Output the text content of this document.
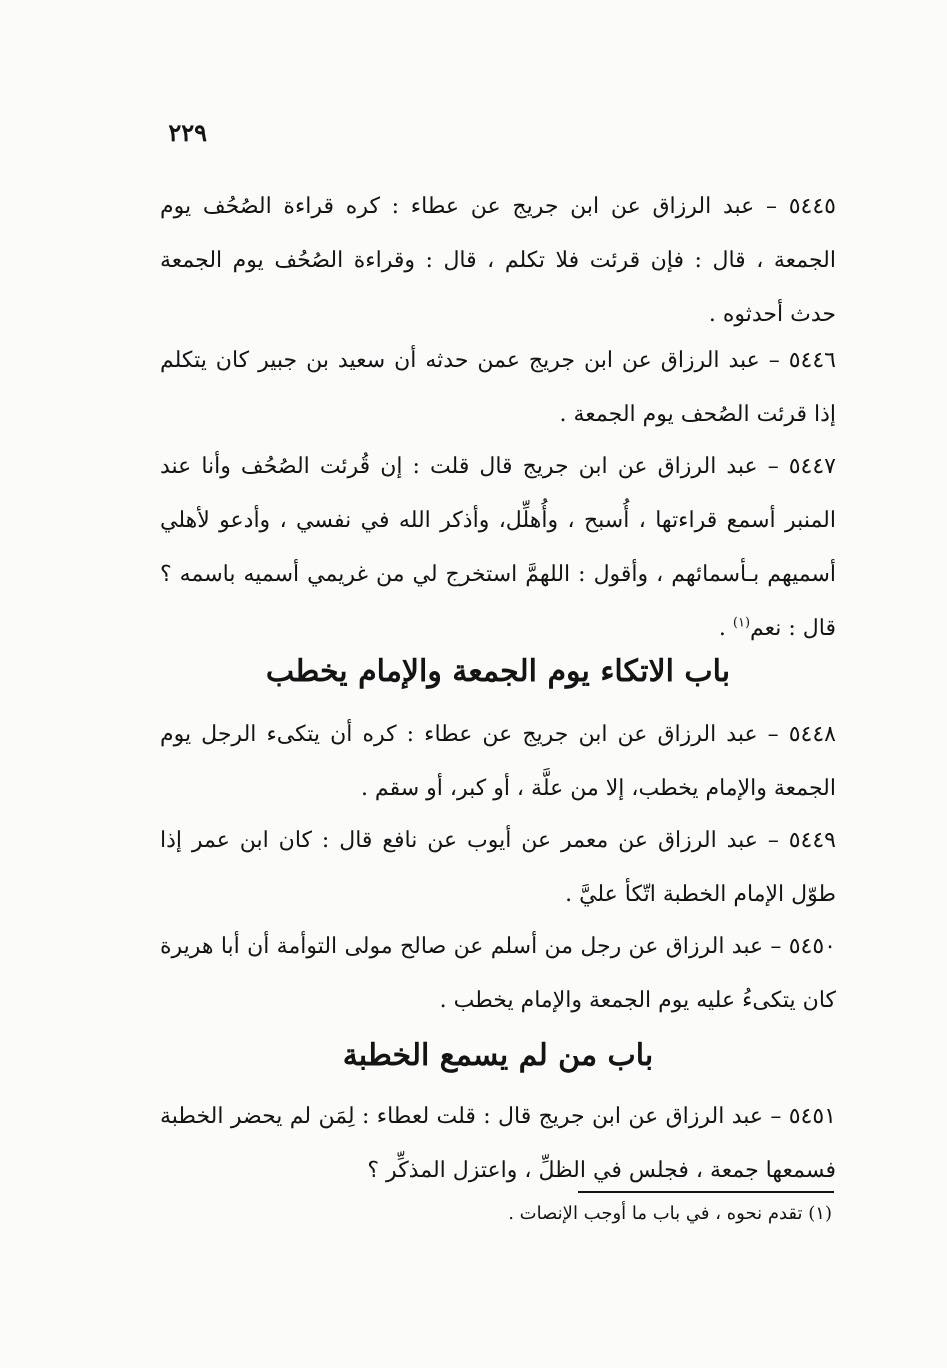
٢٢٩

٥٤٤٥ – عبد الرزاق عن ابن جريج عن عطاء : كره قراءة الصُحُف يوم الجمعة ، قال : فإن قرئت فلا تكلم ، قال : وقراءة الصُحُف يوم الجمعة حدث أحدثوه .

٥٤٤٦ – عبد الرزاق عن ابن جريج عمن حدثه أن سعيد بن جبير كان يتكلم إذا قرئت الصُحف يوم الجمعة .

٥٤٤٧ – عبد الرزاق عن ابن جريج قال قلت : إن قُرئت الصُحُف وأنا عند المنبر أسمع قراءتها ، أُسبح ، وأُهلِّل، وأذكر الله في نفسي ، وأدعو لأهلي أسميهم بـأسمائهم ، وأقول : اللهمَّ استخرج لي من غريمي أسميه باسمه ؟ قال : نعم$^{(١)}$ .

باب الاتكاء يوم الجمعة والإمام يخطب

٥٤٤٨ – عبد الرزاق عن ابن جريج عن عطاء : كره أن يتكىء الرجل يوم الجمعة والإمام يخطب، إلا من علَّة ، أو كبر، أو سقم .

٥٤٤٩ – عبد الرزاق عن معمر عن أيوب عن نافع قال : كان ابن عمر إذا طوّل الإمام الخطبة اتّكأ عليَّ .

٥٤٥٠ – عبد الرزاق عن رجل من أسلم عن صالح مولى التوأمة أن أبا هريرة كان يتكىءُ عليه يوم الجمعة والإمام يخطب .

باب من لم يسمع الخطبة

٥٤٥١ – عبد الرزاق عن ابن جريج قال : قلت لعطاء : لِمَن لم يحضر الخطبة فسمعها جمعة ، فجلس في الظلِّ ، واعتزل المذكِّر ؟

(١) تقدم نحوه ، في باب ما أوجب الإنصات .
